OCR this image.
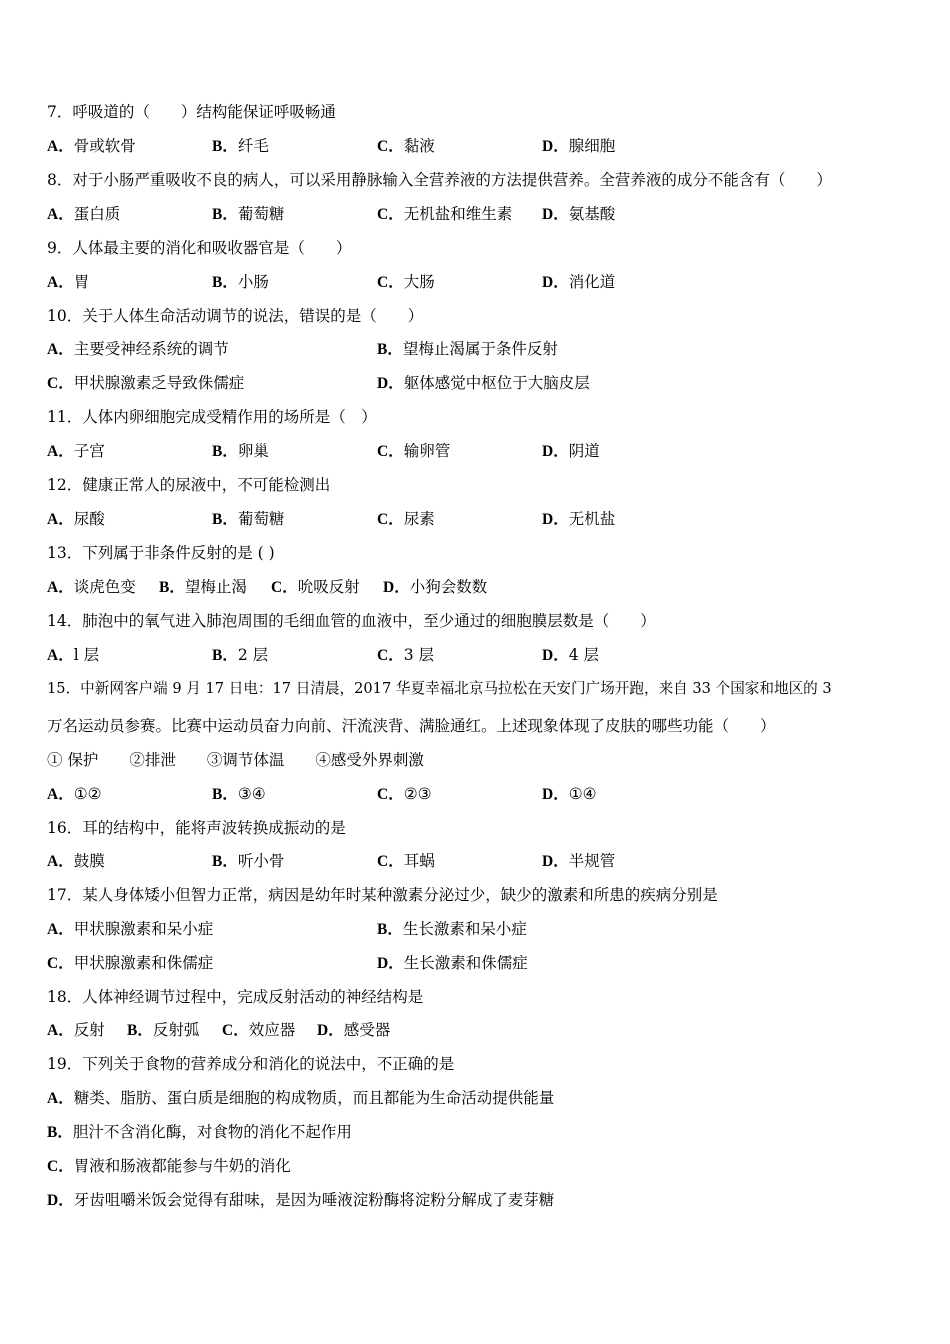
7．呼吸道的（　　）结构能保证呼吸畅通
A．骨或软骨	B．纤毛	C．黏液	D．腺细胞
8．对于小肠严重吸收不良的病人，可以采用静脉输入全营养液的方法提供营养。全营养液的成分不能含有（　　）
A．蛋白质	B．葡萄糖	C．无机盐和维生素 D．氨基酸
9．人体最主要的消化和吸收器官是（　　）
A．胃	B．小肠	C．大肠	D．消化道
10．关于人体生命活动调节的说法，错误的是（　　）
A．主要受神经系统的调节	B．望梅止渴属于条件反射
C．甲状腺激素乏导致侏儒症	D．躯体感觉中枢位于大脑皮层
11．人体内卵细胞完成受精作用的场所是（　）
A．子宫	B．卵巢	C．输卵管	D．阴道
12．健康正常人的尿液中，不可能检测出
A．尿酸	B．葡萄糖	C．尿素	D．无机盐
13．下列属于非条件反射的是 ( )
A．谈虎色变 B．望梅止渴 C．吮吸反射 D．小狗会数数
14．肺泡中的氧气进入肺泡周围的毛细血管的血液中，至少通过的细胞膜层数是（　　）
A．l 层	B．2 层	C．3 层	D．4 层
15．中新网客户端 9 月 17 日电：17 日清晨，2017 华夏幸福北京马拉松在天安门广场开跑，来自 33 个国家和地区的 3
万名运动员参赛。比赛中运动员奋力向前、汗流浃背、满脸通红。上述现象体现了皮肤的哪些功能（　　）
① 保护　　②排泄　　③调节体温　　④感受外界刺激
A．①②	B．③④	C．②③	D．①④
16．耳的结构中，能将声波转换成振动的是
A．鼓膜	B．听小骨	C．耳蜗	D．半规管
17．某人身体矮小但智力正常，病因是幼年时某种激素分泌过少，缺少的激素和所患的疾病分别是
A．甲状腺激素和呆小症	B．生长激素和呆小症
C．甲状腺激素和侏儒症	D．生长激素和侏儒症
18．人体神经调节过程中，完成反射活动的神经结构是
A．反射 B．反射弧 C．效应器 D．感受器
19．下列关于食物的营养成分和消化的说法中，不正确的是
A．糖类、脂肪、蛋白质是细胞的构成物质，而且都能为生命活动提供能量
B．胆汁不含消化酶，对食物的消化不起作用
C．胃液和肠液都能参与牛奶的消化
D．牙齿咀嚼米饭会觉得有甜味，是因为唾液淀粉酶将淀粉分解成了麦芽糖
